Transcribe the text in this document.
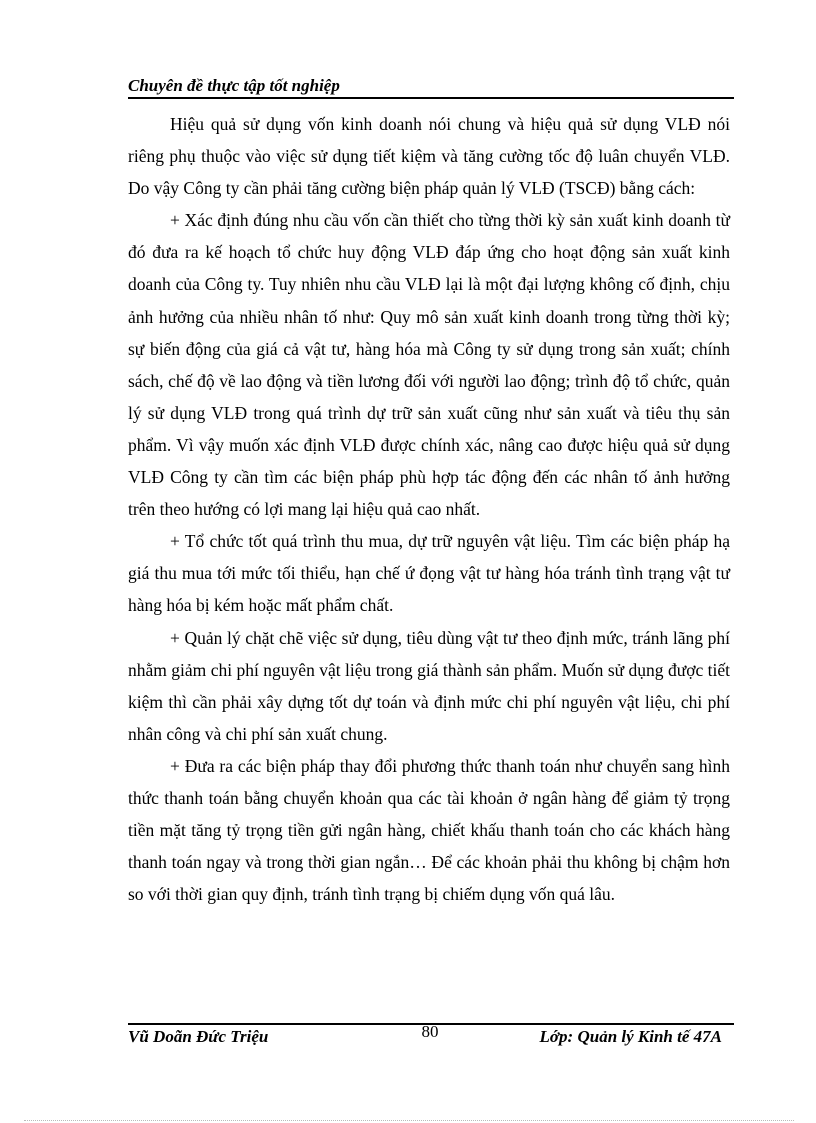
Chuyên đề thực tập tốt nghiệp

Hiệu quả sử dụng vốn kinh doanh nói chung và hiệu quả sử dụng VLĐ nói riêng phụ thuộc vào việc sử dụng tiết kiệm và tăng cường tốc độ luân chuyển VLĐ. Do vậy Công ty cần phải tăng cường biện pháp quản lý VLĐ (TSCĐ) bằng cách:

+ Xác định đúng nhu cầu vốn cần thiết cho từng thời kỳ sản xuất kinh doanh từ đó đưa ra kế hoạch tổ chức huy động VLĐ đáp ứng cho hoạt động sản xuất kinh doanh của Công ty. Tuy nhiên nhu cầu VLĐ lại là một đại lượng không cố định, chịu ảnh hưởng của nhiều nhân tố như: Quy mô sản xuất kinh doanh trong từng thời kỳ; sự biến động của giá cả vật tư, hàng hóa mà Công ty sử dụng trong sản xuất; chính sách, chế độ về lao động và tiền lương đối với người lao động; trình độ tổ chức, quản lý sử dụng VLĐ trong quá trình dự trữ sản xuất cũng như sản xuất và tiêu thụ sản phẩm. Vì vậy muốn xác định VLĐ được chính xác, nâng cao được hiệu quả sử dụng VLĐ Công ty cần tìm các biện pháp phù hợp tác động đến các nhân tố ảnh hưởng trên theo hướng có lợi mang lại hiệu quả cao nhất.

+ Tổ chức tốt quá trình thu mua, dự trữ nguyên vật liệu. Tìm các biện pháp hạ giá thu mua tới mức tối thiểu, hạn chế ứ đọng vật tư hàng hóa tránh tình trạng vật tư hàng hóa bị kém hoặc mất phẩm chất.

+ Quản lý chặt chẽ việc sử dụng, tiêu dùng vật tư theo định mức, tránh lãng phí nhằm giảm chi phí nguyên vật liệu trong giá thành sản phẩm. Muốn sử dụng được tiết kiệm thì cần phải xây dựng tốt dự toán và định mức chi phí nguyên vật liệu, chi phí nhân công và chi phí sản xuất chung.

+ Đưa ra các biện pháp thay đổi phương thức thanh toán như chuyển sang hình thức thanh toán bằng chuyển khoản qua các tài khoản ở ngân hàng để giảm tỷ trọng tiền mặt tăng tỷ trọng tiền gửi ngân hàng, chiết khấu thanh toán cho các khách hàng thanh toán ngay và trong thời gian ngắn… Để các khoản phải thu không bị chậm hơn so với thời gian quy định, tránh tình trạng bị chiếm dụng vốn quá lâu.

Vũ Doãn Đức Triệu	80	Lớp: Quản lý Kinh tế 47A
